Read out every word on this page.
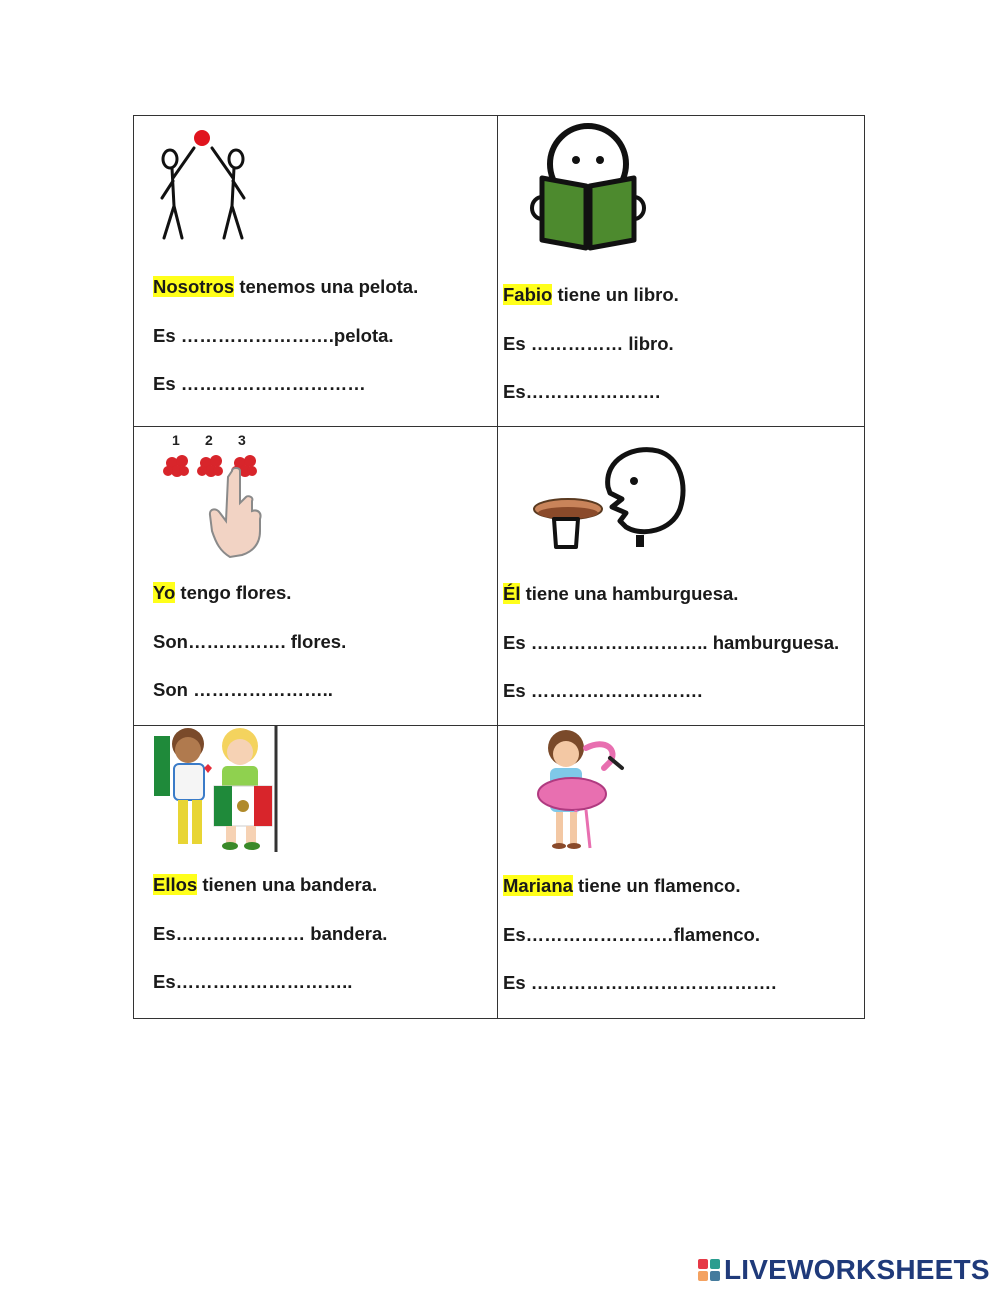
Nosotros tenemos una pelota.
Es …………………….pelota.
Es …………………………
Fabio tiene un libro.
Es …………… libro.
Es………………….
1 2 3
Yo tengo flores.
Son……………. flores.
Son …………………..
Él tiene una hamburguesa.
Es ……………………….. hamburguesa.
Es ……………………….
Ellos tienen una bandera.
Es………………… bandera.
Es………………………..
Mariana tiene un flamenco.
Es……………………flamenco.
Es ………………………………….
LIVEWORKSHEETS
